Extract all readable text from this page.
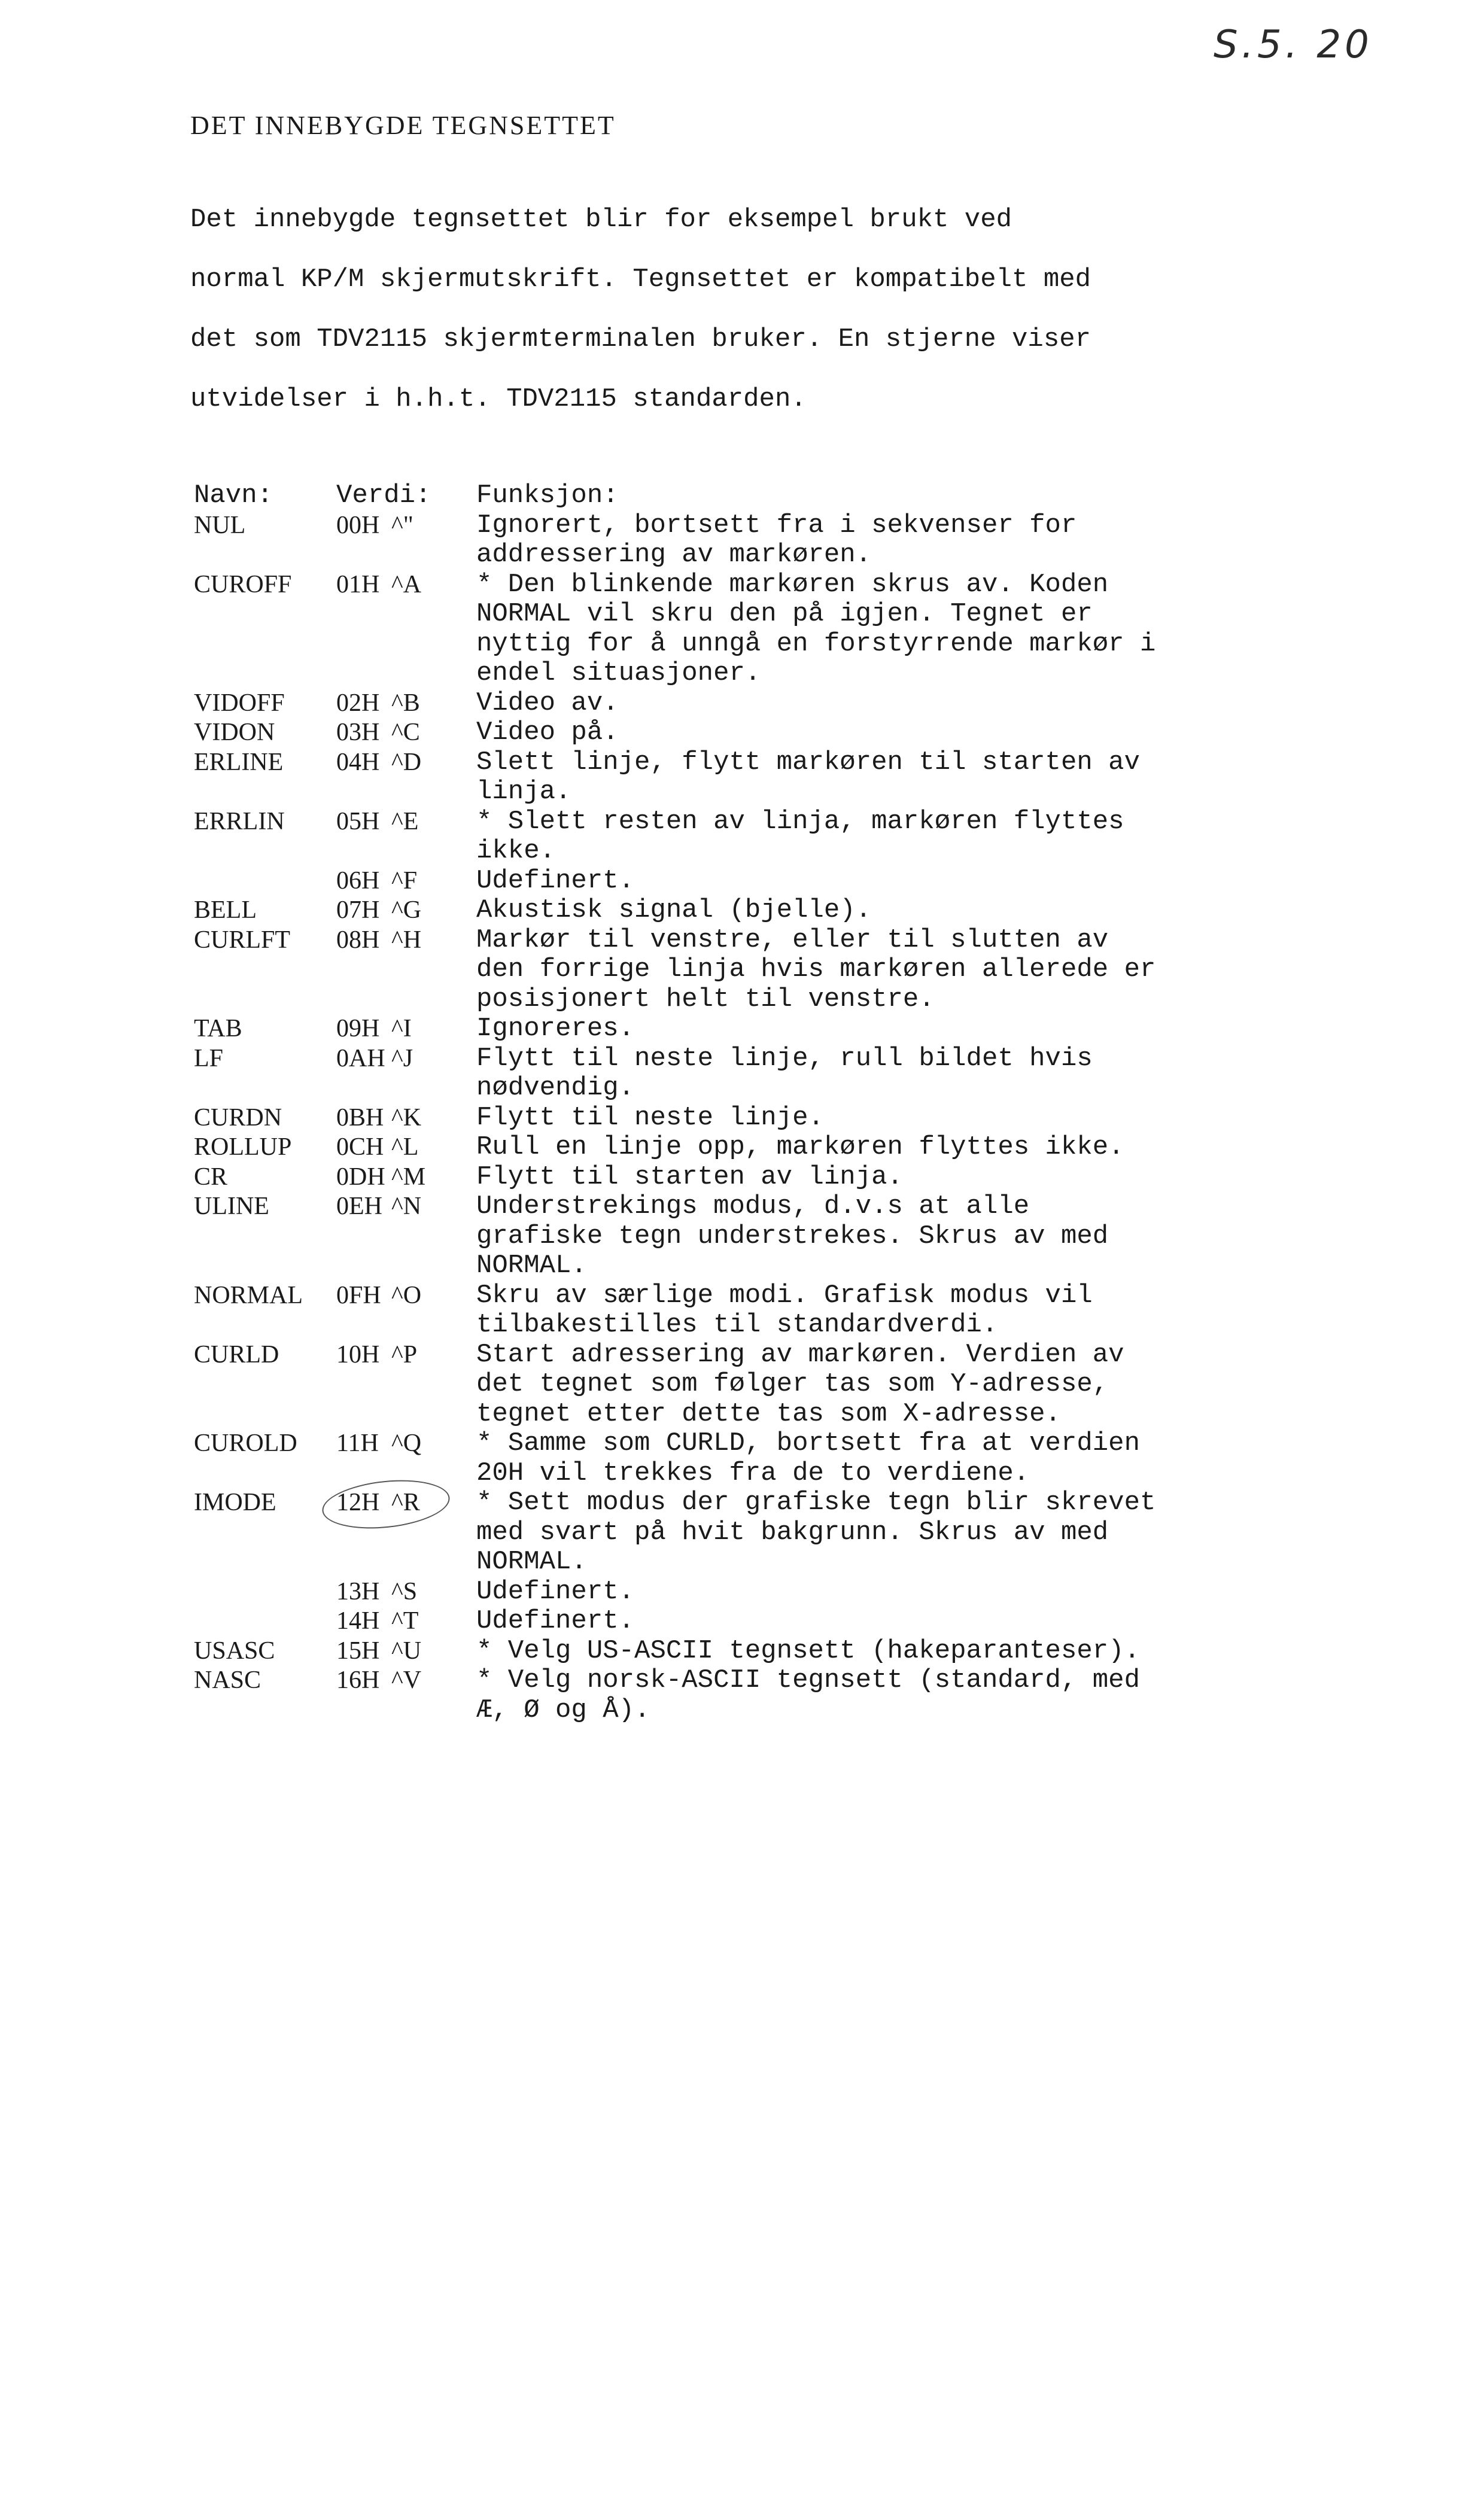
S.5. 20
DET INNEBYGDE TEGNSETTET

Det innebygde tegnsettet blir for eksempel brukt ved

normal KP/M skjermutskrift. Tegnsettet er kompatibelt med

det som TDV2115 skjermterminalen bruker. En stjerne viser

utvidelser i h.h.t. TDV2115 standarden.

Navn:	Verdi:	Funksjon:
NUL	00H ^"	Ignorert, bortsett fra i sekvenser for
addressering av markøren.
CUROFF	01H ^A	* Den blinkende markøren skrus av. Koden
NORMAL vil skru den på igjen. Tegnet er
nyttig for å unngå en forstyrrende markør i
endel situasjoner.
VIDOFF	02H ^B	Video av.
VIDON	03H ^C	Video på.
ERLINE	04H ^D	Slett linje, flytt markøren til starten av
linja.
ERRLIN	05H ^E	* Slett resten av linja, markøren flyttes
ikke.
	06H ^F	Udefinert.
BELL	07H ^G	Akustisk signal (bjelle).
CURLFT	08H ^H	Markør til venstre, eller til slutten av
den forrige linja hvis markøren allerede er
posisjonert helt til venstre.
TAB	09H ^I	Ignoreres.
LF	0AH ^J	Flytt til neste linje, rull bildet hvis
nødvendig.
CURDN	0BH ^K	Flytt til neste linje.
ROLLUP	0CH ^L	Rull en linje opp, markøren flyttes ikke.
CR	0DH ^M	Flytt til starten av linja.
ULINE	0EH ^N	Understrekings modus, d.v.s at alle
grafiske tegn understrekes. Skrus av med
NORMAL.
NORMAL	0FH ^O	Skru av særlige modi. Grafisk modus vil
tilbakestilles til standardverdi.
CURLD	10H ^P	Start adressering av markøren. Verdien av
det tegnet som følger tas som Y-adresse,
tegnet etter dette tas som X-adresse.
CUROLD	11H ^Q	* Samme som CURLD, bortsett fra at verdien
20H vil trekkes fra de to verdiene.
IMODE	12H ^R	* Sett modus der grafiske tegn blir skrevet
med svart på hvit bakgrunn. Skrus av med
NORMAL.
	13H ^S	Udefinert.
	14H ^T	Udefinert.
USASC	15H ^U	* Velg US-ASCII tegnsett (hakeparanteser).
NASC	16H ^V	* Velg norsk-ASCII tegnsett (standard, med
Æ, Ø og Å).
